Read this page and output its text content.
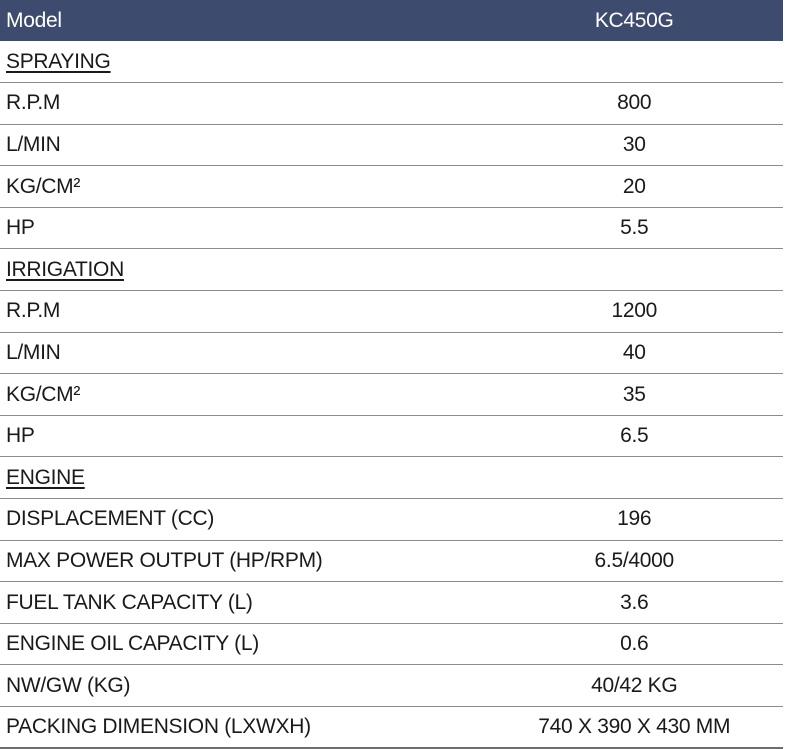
Model	KC450G
SPRAYING	
R.P.M	800
L/MIN	30
KG/CM²	20
HP	5.5
IRRIGATION	
R.P.M	1200
L/MIN	40
KG/CM²	35
HP	6.5
ENGINE	
DISPLACEMENT (CC)	196
MAX POWER OUTPUT (HP/RPM)	6.5/4000
FUEL TANK CAPACITY (L)	3.6
ENGINE OIL CAPACITY (L)	0.6
NW/GW (KG)	40/42 KG
PACKING DIMENSION (LXWXH)	740 X 390 X 430 MM
